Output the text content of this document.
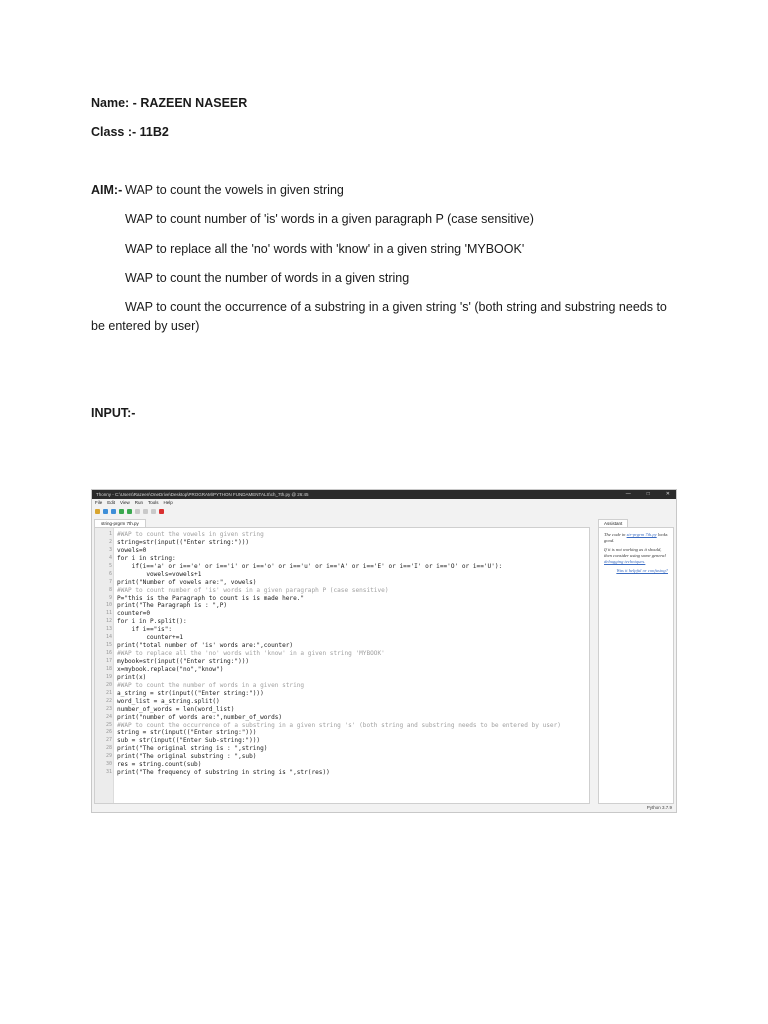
Name: - RAZEEN NASEER
Class :- 11B2
AIM:- WAP to count the vowels in given string
WAP to count number of 'is' words in a given paragraph P (case sensitive)
WAP to replace all the 'no' words with 'know' in a given string 'MYBOOK'
WAP to count the number of words in a given string
WAP to count the occurrence of a substring in a given string 's' (both string and substring needs to
be entered by user)
INPUT:-
Thonny - C:\Users\Razeen\OneDrive\Desktop\PROGRAM\PYTHON FUNDAMENTALS\ch_7th.py @ 26:45	—	□	✕
File Edit View Run Tools Help
string-prgrm 7th.py
1 #WAP to count the vowels in given string
2 string=str(input(("Enter string:")))
3 vowels=0
4 for i in string:
5 if(i=='a' or i=='e' or i=='i' or i=='o' or i=='u' or i=='A' or i=='E' or i=='I' or i=='O' or i=='U'):
6 vowels=vowels+1
7 print("Number of vowels are:", vowels)
8 #WAP to count number of 'is' words in a given paragraph P (case sensitive)
9 P="this is the Paragraph to count is is made here."
10 print("The Paragraph is : ",P)
11 counter=0
12 for i in P.split():
13 if i=="is":
14 counter+=1
15 print("total number of 'is' words are:",counter)
16 #WAP to replace all the 'no' words with 'know' in a given string 'MYBOOK'
17 mybook=str(input(("Enter string:")))
18 x=mybook.replace("no","know")
19 print(x)
20 #WAP to count the number of words in a given string
21 a_string = str(input(("Enter string:")))
22 word_list = a_string.split()
23 number_of_words = len(word_list)
24 print("number of words are:",number_of_words)
25 #WAP to count the occurrence of a substring in a given string 's' (both string and substring needs to be entered by user)
26 string = str(input(("Enter string:")))
27 sub = str(input(("Enter Sub-string:")))
28 print("The original string is : ",string)
29 print("The original substring : ",sub)
30 res = string.count(sub)
31 print("The frequency of substring in string is ",str(res))
Assistant

The code in str-prgrm 7th.py looks good.

If it is not working as it should, then consider using some general debugging techniques.

Was it helpful or confusing?

Python 3.7.9
